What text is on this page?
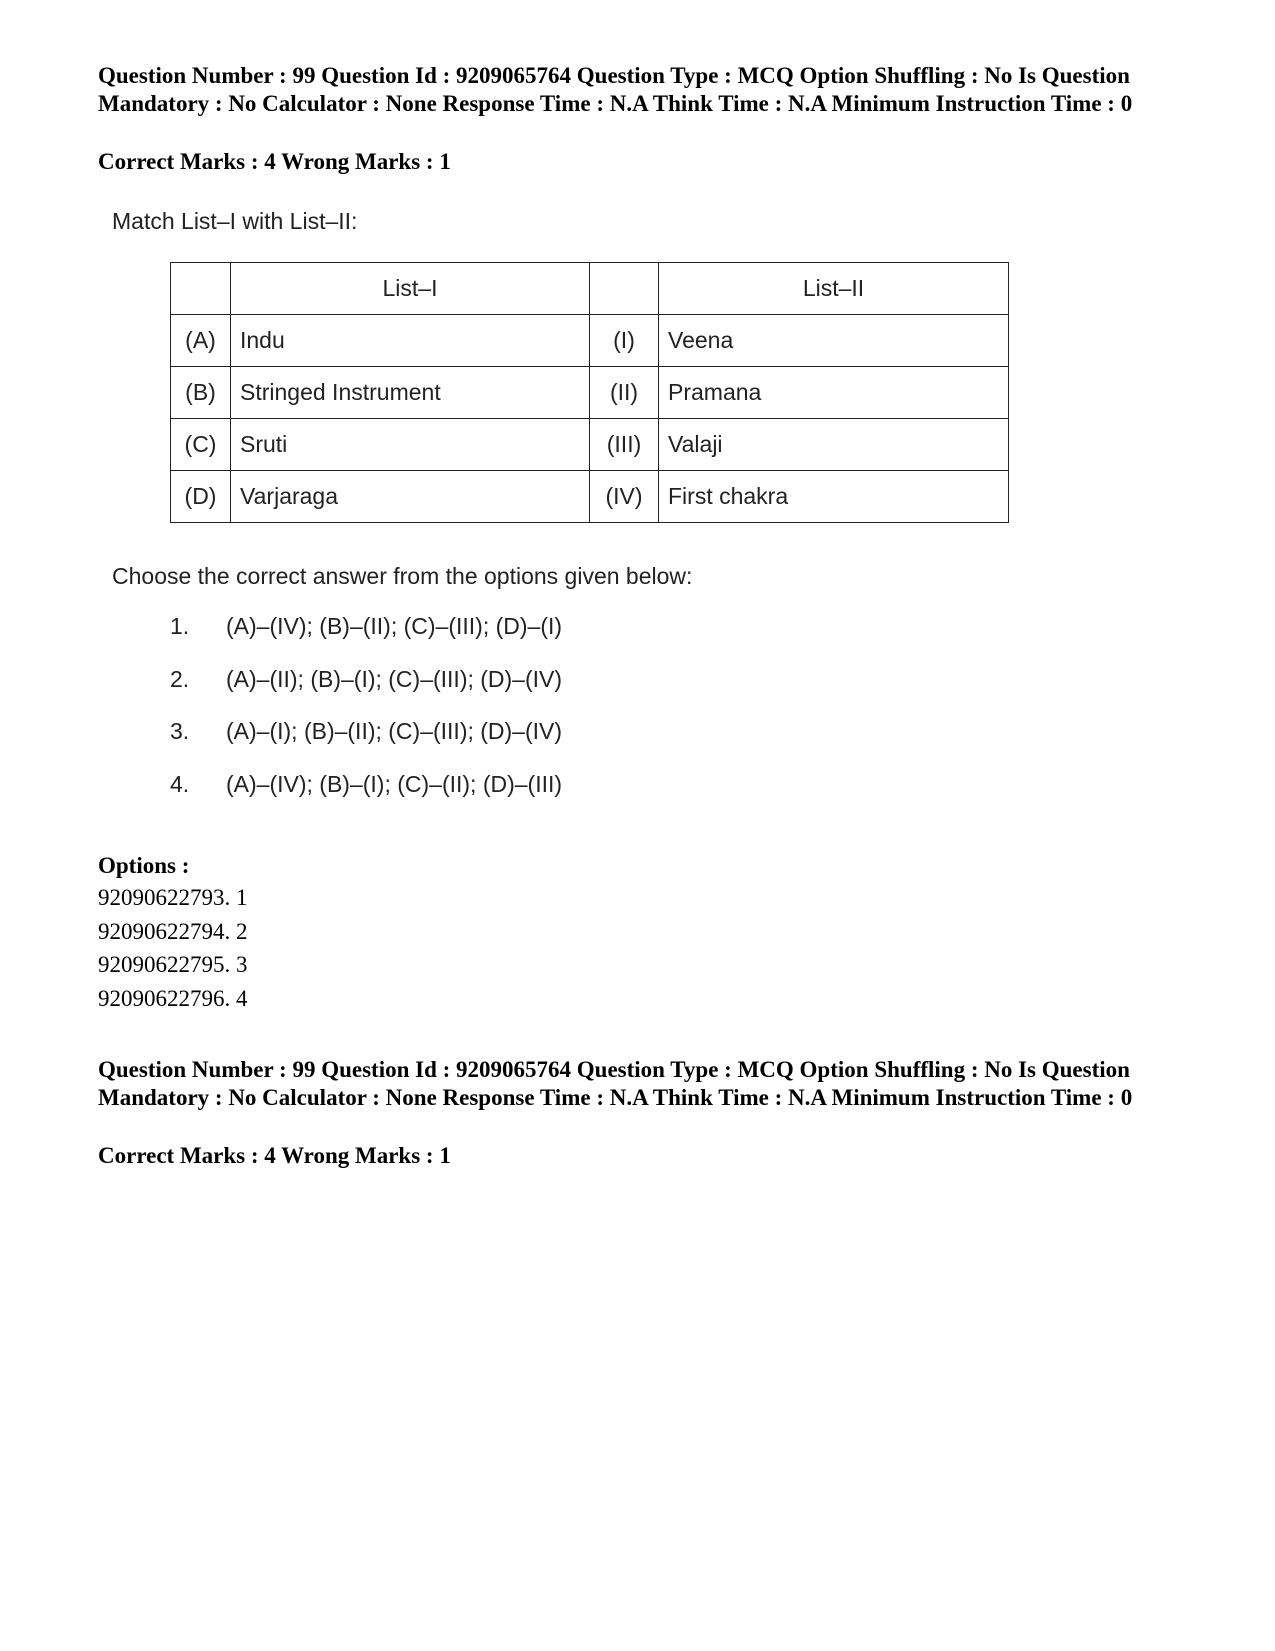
Question Number : 99 Question Id : 9209065764 Question Type : MCQ Option Shuffling : No Is Question Mandatory : No Calculator : None Response Time : N.A Think Time : N.A Minimum Instruction Time : 0

Correct Marks : 4 Wrong Marks : 1

Match List–I with List–II:

	List–I		List–II
(A)	Indu	(I)	Veena
(B)	Stringed Instrument	(II)	Pramana
(C)	Sruti	(III)	Valaji
(D)	Varjaraga	(IV)	First chakra

Choose the correct answer from the options given below:

1. (A)–(IV); (B)–(II); (C)–(III); (D)–(I)
2. (A)–(II); (B)–(I); (C)–(III); (D)–(IV)
3. (A)–(I); (B)–(II); (C)–(III); (D)–(IV)
4. (A)–(IV); (B)–(I); (C)–(II); (D)–(III)

Options :

92090622793. 1
92090622794. 2
92090622795. 3
92090622796. 4

Question Number : 99 Question Id : 9209065764 Question Type : MCQ Option Shuffling : No Is Question Mandatory : No Calculator : None Response Time : N.A Think Time : N.A Minimum Instruction Time : 0

Correct Marks : 4 Wrong Marks : 1
